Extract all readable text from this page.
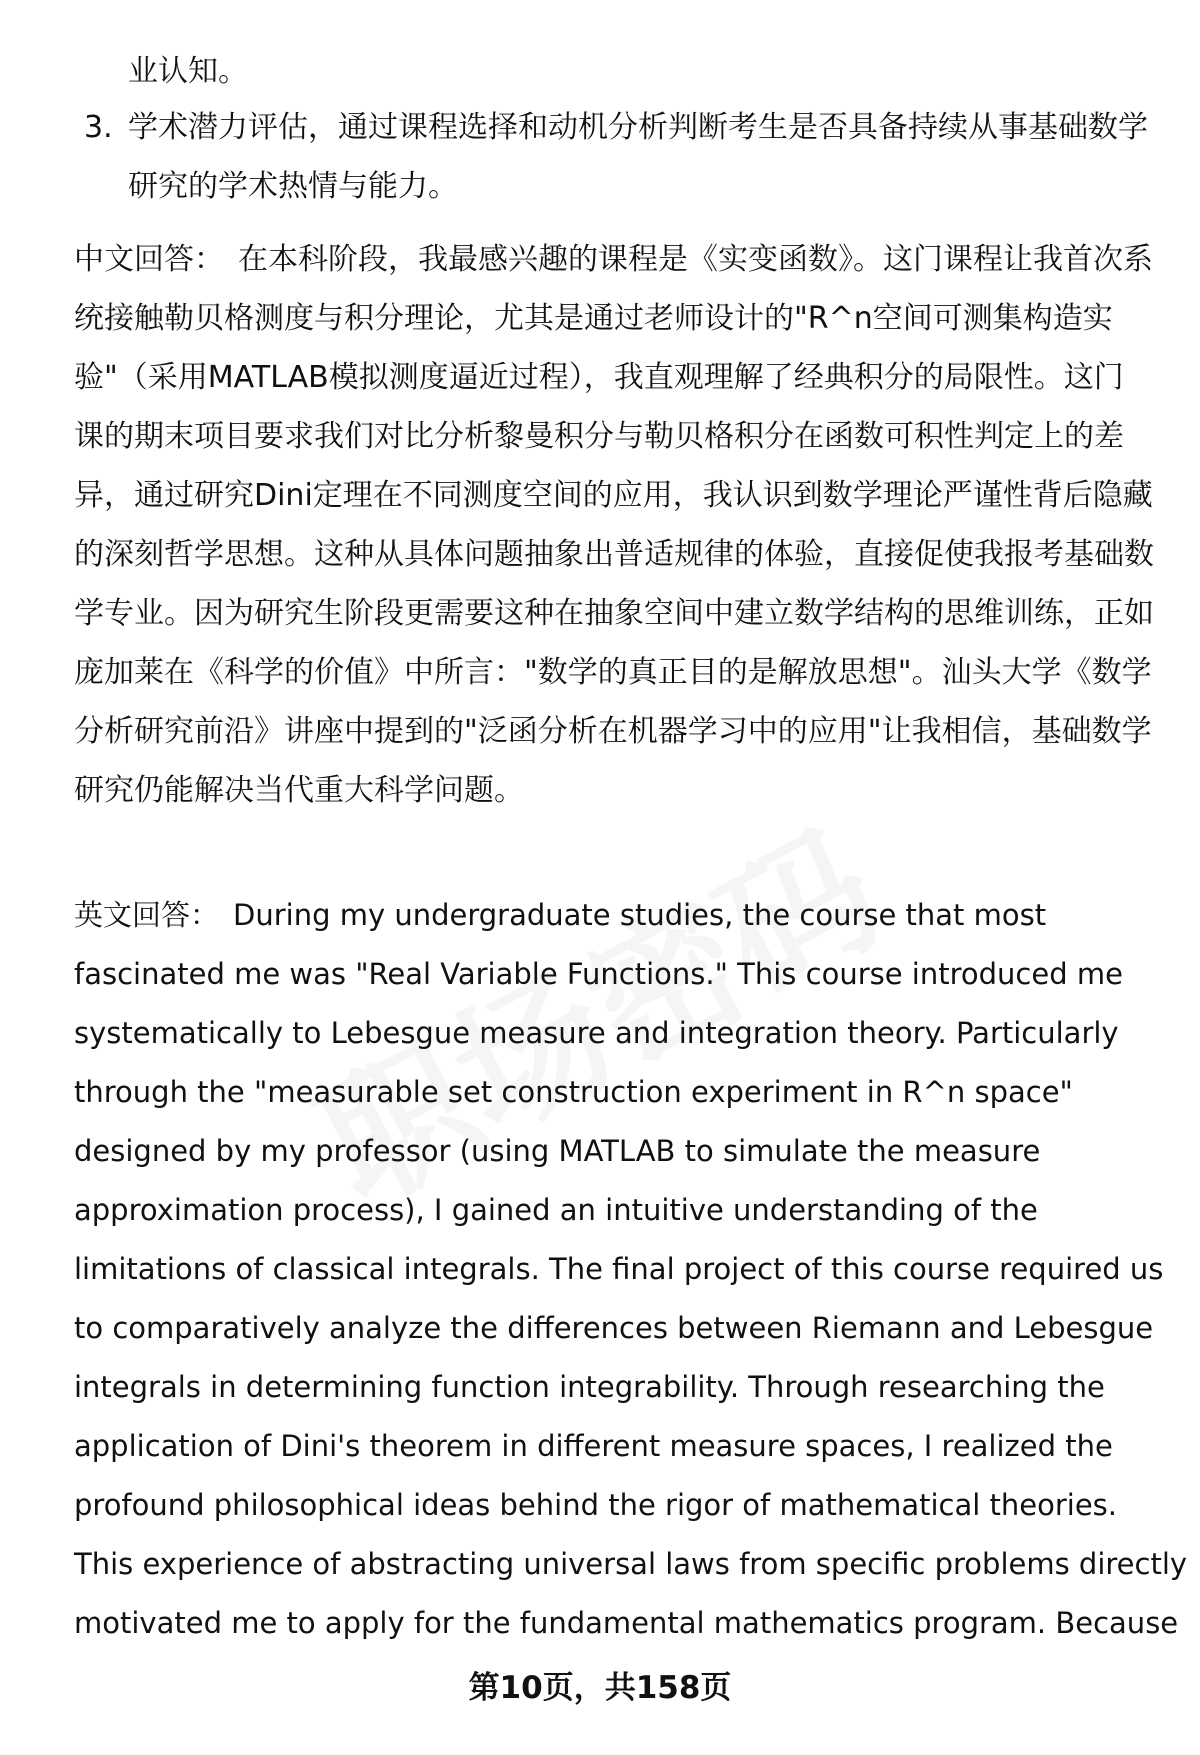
业认知。
3. 学术潜力评估，通过课程选择和动机分析判断考生是否具备持续从事基础数学
研究的学术热情与能力。
中文回答： 在本科阶段，我最感兴趣的课程是《实变函数》。这门课程让我首次系
统接触勒贝格测度与积分理论，尤其是通过老师设计的"R^n空间可测集构造实
验"（采用MATLAB模拟测度逼近过程），我直观理解了经典积分的局限性。这门
课的期末项目要求我们对比分析黎曼积分与勒贝格积分在函数可积性判定上的差
异，通过研究Dini定理在不同测度空间的应用，我认识到数学理论严谨性背后隐藏
的深刻哲学思想。这种从具体问题抽象出普适规律的体验，直接促使我报考基础数
学专业。因为研究生阶段更需要这种在抽象空间中建立数学结构的思维训练，正如
庞加莱在《科学的价值》中所言："数学的真正目的是解放思想"。汕头大学《数学
分析研究前沿》讲座中提到的"泛函分析在机器学习中的应用"让我相信，基础数学
研究仍能解决当代重大科学问题。
英文回答： During my undergraduate studies, the course that most
fascinated me was "Real Variable Functions." This course introduced me
systematically to Lebesgue measure and integration theory. Particularly
through the "measurable set construction experiment in R^n space"
designed by my professor (using MATLAB to simulate the measure
approximation process), I gained an intuitive understanding of the
limitations of classical integrals. The final project of this course required us
to comparatively analyze the differences between Riemann and Lebesgue
integrals in determining function integrability. Through researching the
application of Dini's theorem in different measure spaces, I realized the
profound philosophical ideas behind the rigor of mathematical theories.
This experience of abstracting universal laws from specific problems directly
motivated me to apply for the fundamental mathematics program. Because
第10页，共158页
